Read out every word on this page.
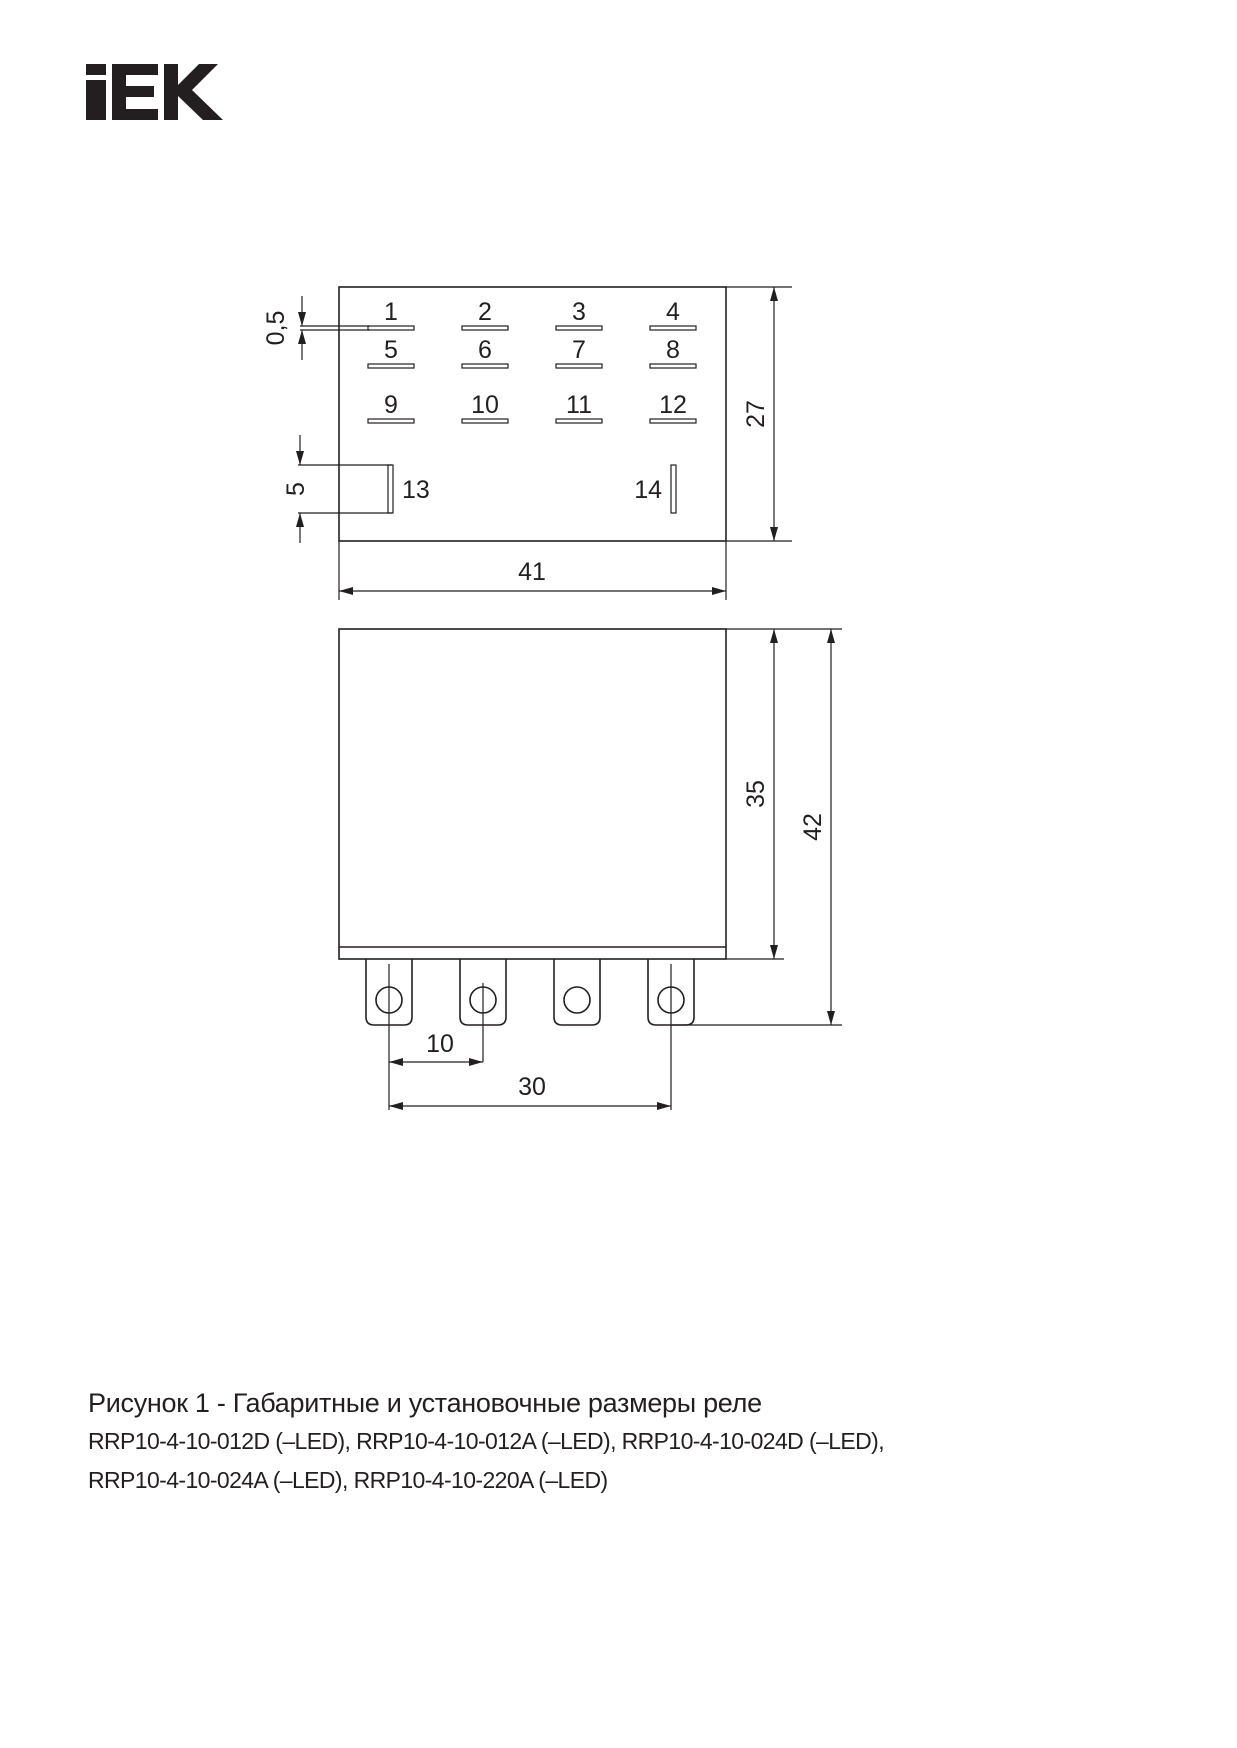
1	2	3	4
5	6	7	8
9	10	11	12
13	14
0,5
5
27
41
35
42
10
30
Рисунок 1 - Габаритные и установочные размеры реле
RRP10-4-10-012D (–LED), RRP10-4-10-012A (–LED), RRP10-4-10-024D (–LED),
RRP10-4-10-024A (–LED), RRP10-4-10-220A (–LED)
